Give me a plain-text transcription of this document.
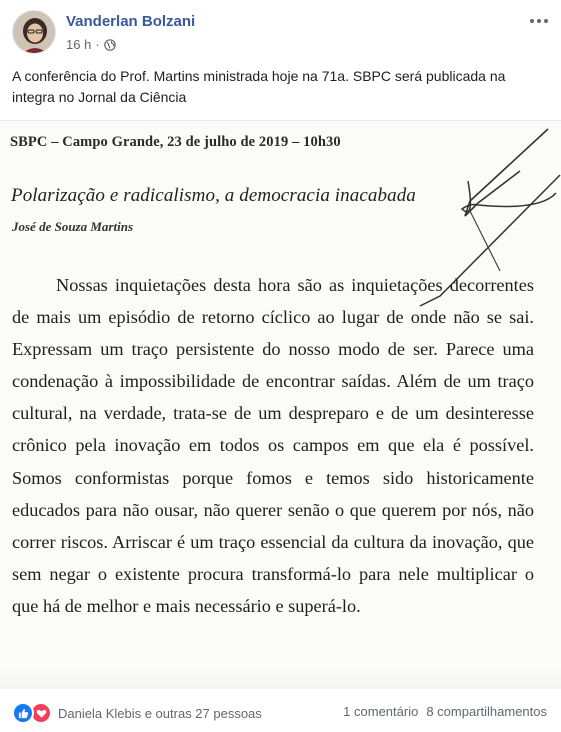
Vanderlan Bolzani
16 h ·
A conferência do Prof. Martins ministrada hoje na 71a. SBPC será publicada na integra no Jornal da Ciência
SBPC – Campo Grande, 23 de julho de 2019 – 10h30
Polarização e radicalismo, a democracia inacabada
José de Souza Martins
Nossas inquietações desta hora são as inquietações decorrentes de mais um episódio de retorno cíclico ao lugar de onde não se sai. Expressam um traço persistente do nosso modo de ser. Parece uma condenação à impossibilidade de encontrar saídas. Além de um traço cultural, na verdade, trata-se de um despreparo e de um desinteresse crônico pela inovação em todos os campos em que ela é possível. Somos conformistas porque fomos e temos sido historicamente educados para não ousar, não querer senão o que querem por nós, não correr riscos. Arriscar é um traço essencial da cultura da inovação, que sem negar o existente procura transformá-lo para nele multiplicar o que há de melhor e mais necessário e superá-lo.
Daniela Klebis e outras 27 pessoas	1 comentário 8 compartilhamentos
